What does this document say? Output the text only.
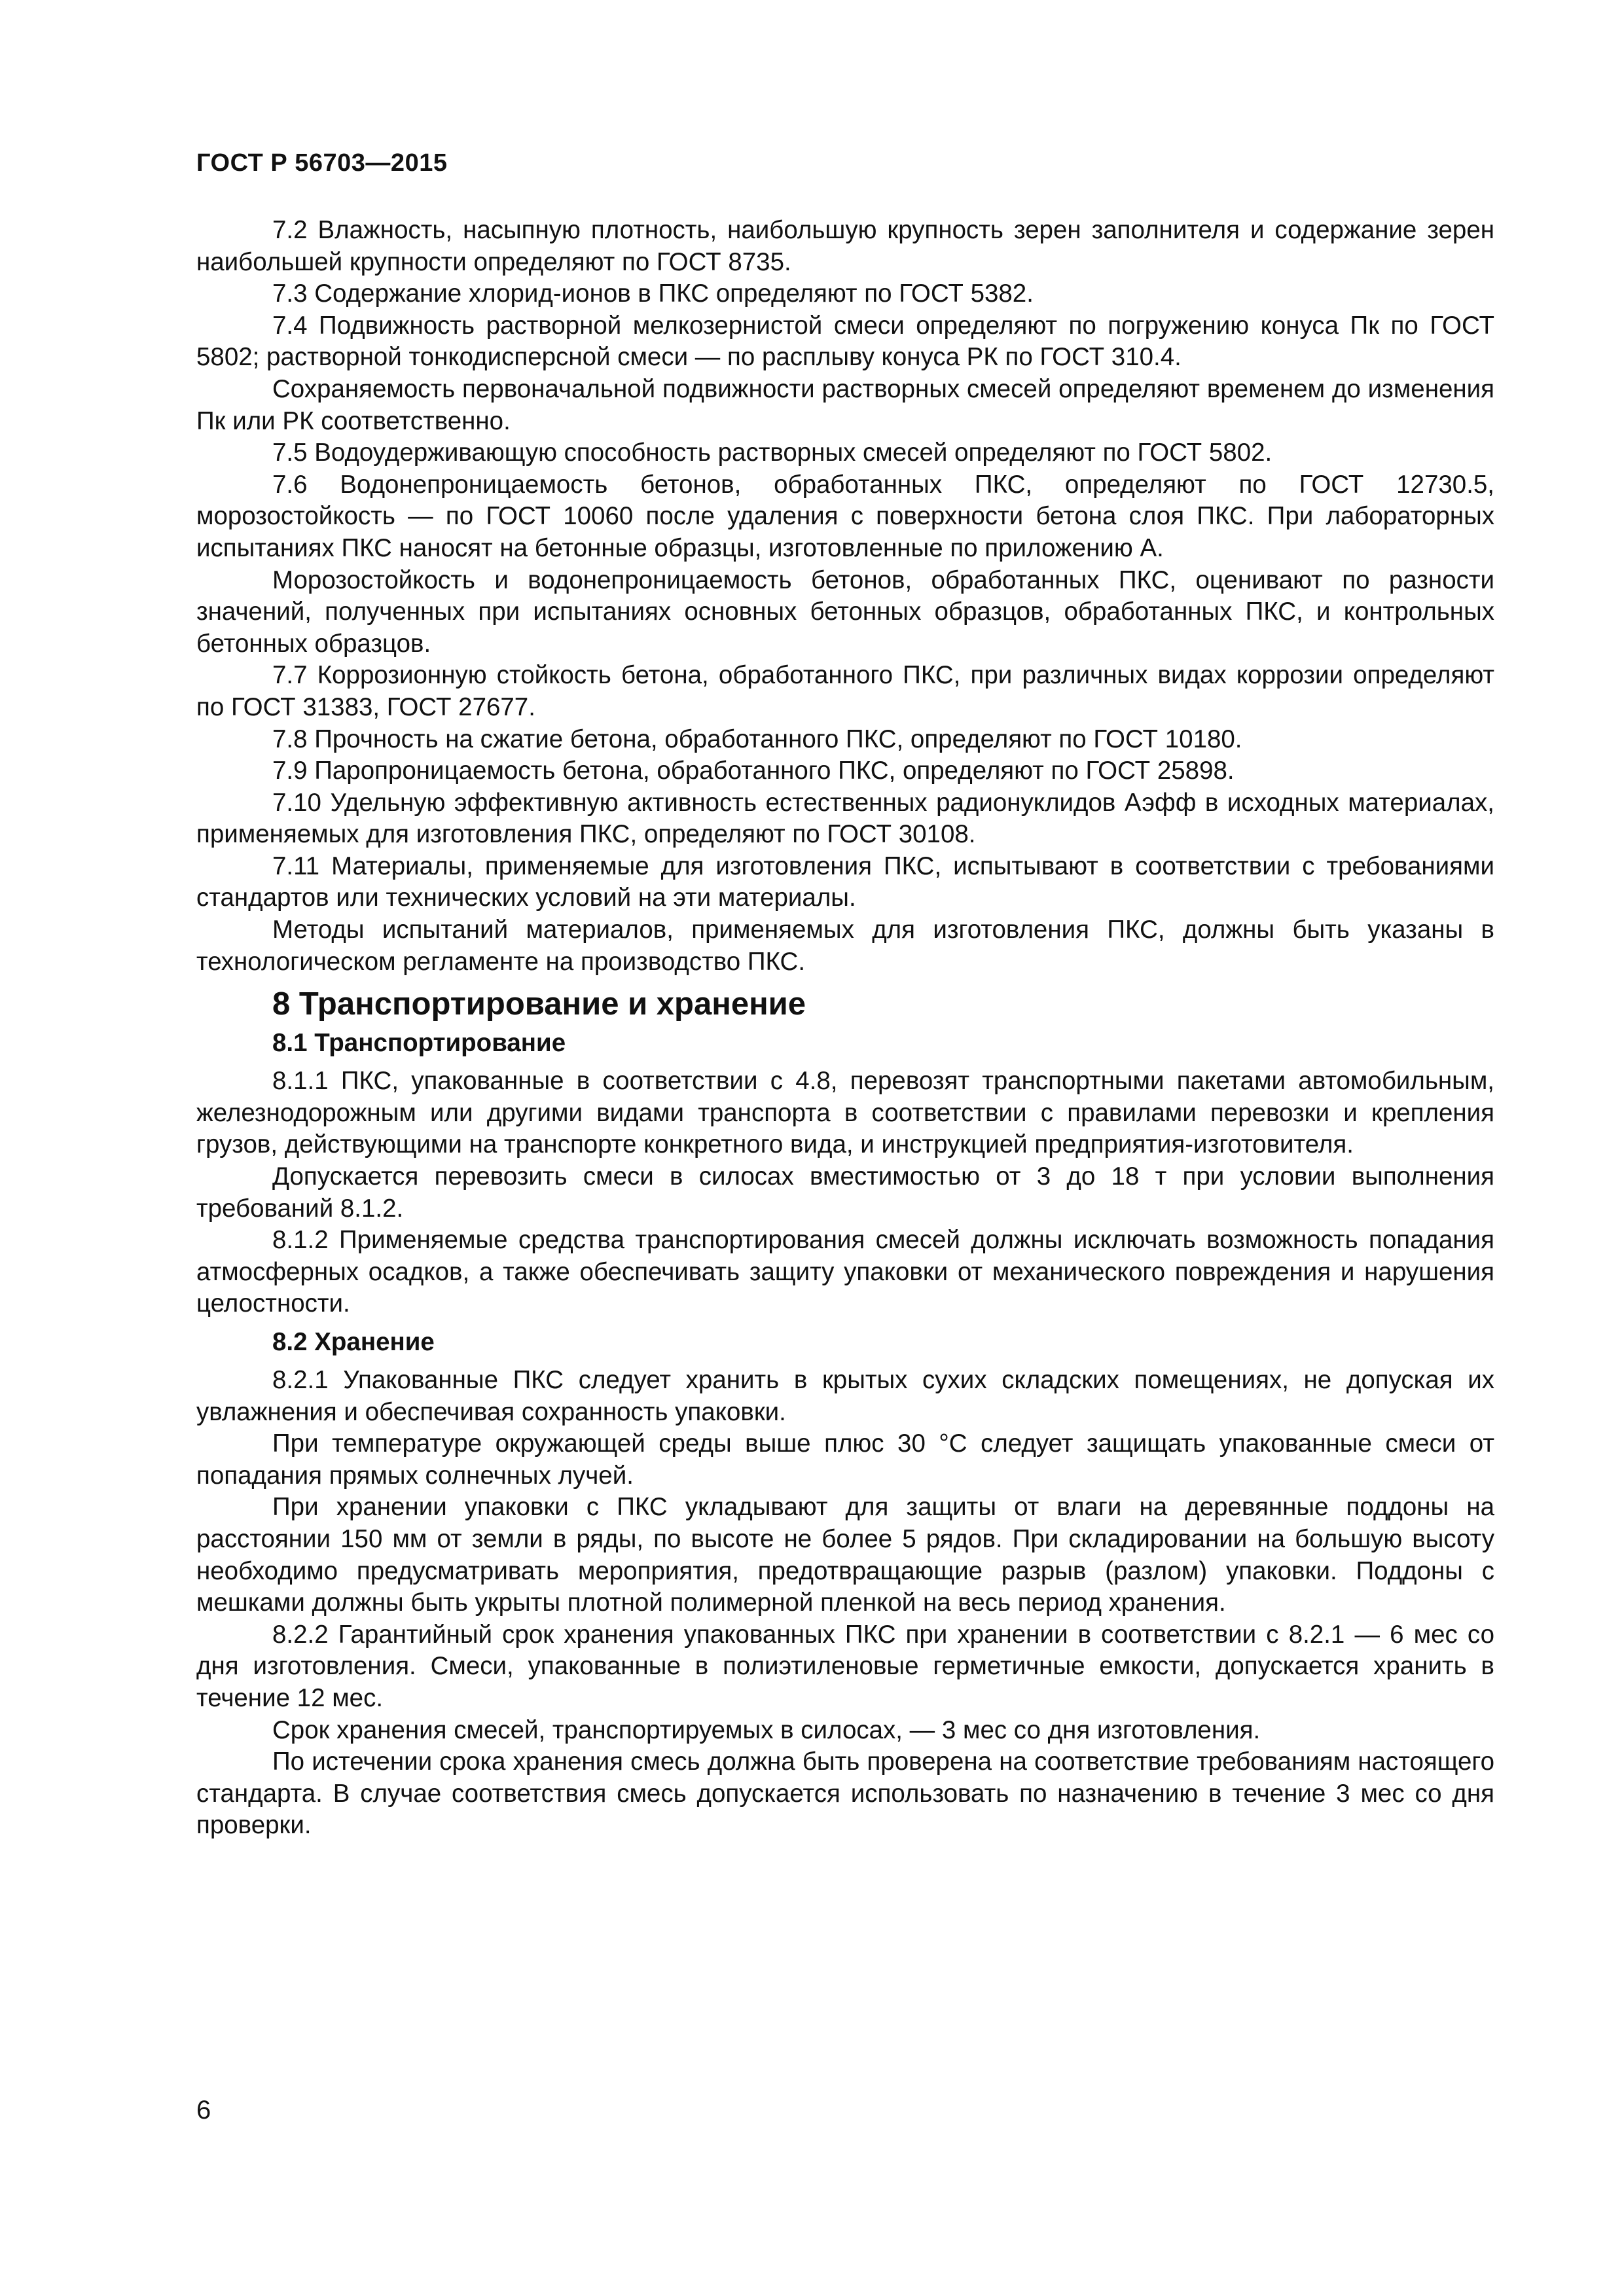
ГОСТ Р 56703—2015

7.2 Влажность, насыпную плотность, наибольшую крупность зерен заполнителя и содержание зерен наибольшей крупности определяют по ГОСТ 8735.

7.3 Содержание хлорид-ионов в ПКС определяют по ГОСТ 5382.

7.4 Подвижность растворной мелкозернистой смеси определяют по погружению конуса Пк по ГОСТ 5802; растворной тонкодисперсной смеси — по расплыву конуса РК по ГОСТ 310.4.

Сохраняемость первоначальной подвижности растворных смесей определяют временем до изменения Пк или РК соответственно.

7.5 Водоудерживающую способность растворных смесей определяют по ГОСТ 5802.

7.6 Водонепроницаемость бетонов, обработанных ПКС, определяют по ГОСТ 12730.5, морозостойкость — по ГОСТ 10060 после удаления с поверхности бетона слоя ПКС. При лабораторных испытаниях ПКС наносят на бетонные образцы, изготовленные по приложению А.

Морозостойкость и водонепроницаемость бетонов, обработанных ПКС, оценивают по разности значений, полученных при испытаниях основных бетонных образцов, обработанных ПКС, и контрольных бетонных образцов.

7.7 Коррозионную стойкость бетона, обработанного ПКС, при различных видах коррозии определяют по ГОСТ 31383, ГОСТ 27677.

7.8 Прочность на сжатие бетона, обработанного ПКС, определяют по ГОСТ 10180.

7.9 Паропроницаемость бетона, обработанного ПКС, определяют по ГОСТ 25898.

7.10 Удельную эффективную активность естественных радионуклидов Аэфф в исходных материалах, применяемых для изготовления ПКС, определяют по ГОСТ 30108.

7.11 Материалы, применяемые для изготовления ПКС, испытывают в соответствии с требованиями стандартов или технических условий на эти материалы.

Методы испытаний материалов, применяемых для изготовления ПКС, должны быть указаны в технологическом регламенте на производство ПКС.

8 Транспортирование и хранение
8.1 Транспортирование

8.1.1 ПКС, упакованные в соответствии с 4.8, перевозят транспортными пакетами автомобильным, железнодорожным или другими видами транспорта в соответствии с правилами перевозки и крепления грузов, действующими на транспорте конкретного вида, и инструкцией предприятия-изготовителя.

Допускается перевозить смеси в силосах вместимостью от 3 до 18 т при условии выполнения требований 8.1.2.

8.1.2 Применяемые средства транспортирования смесей должны исключать возможность попадания атмосферных осадков, а также обеспечивать защиту упаковки от механического повреждения и нарушения целостности.

8.2 Хранение

8.2.1 Упакованные ПКС следует хранить в крытых сухих складских помещениях, не допуская их увлажнения и обеспечивая сохранность упаковки.

При температуре окружающей среды выше плюс 30 °С следует защищать упакованные смеси от попадания прямых солнечных лучей.

При хранении упаковки с ПКС укладывают для защиты от влаги на деревянные поддоны на расстоянии 150 мм от земли в ряды, по высоте не более 5 рядов. При складировании на большую высоту необходимо предусматривать мероприятия, предотвращающие разрыв (разлом) упаковки. Поддоны с мешками должны быть укрыты плотной полимерной пленкой на весь период хранения.

8.2.2 Гарантийный срок хранения упакованных ПКС при хранении в соответствии с 8.2.1 — 6 мес со дня изготовления. Смеси, упакованные в полиэтиленовые герметичные емкости, допускается хранить в течение 12 мес.

Срок хранения смесей, транспортируемых в силосах, — 3 мес со дня изготовления.

По истечении срока хранения смесь должна быть проверена на соответствие требованиям настоящего стандарта. В случае соответствия смесь допускается использовать по назначению в течение 3 мес со дня проверки.

6
